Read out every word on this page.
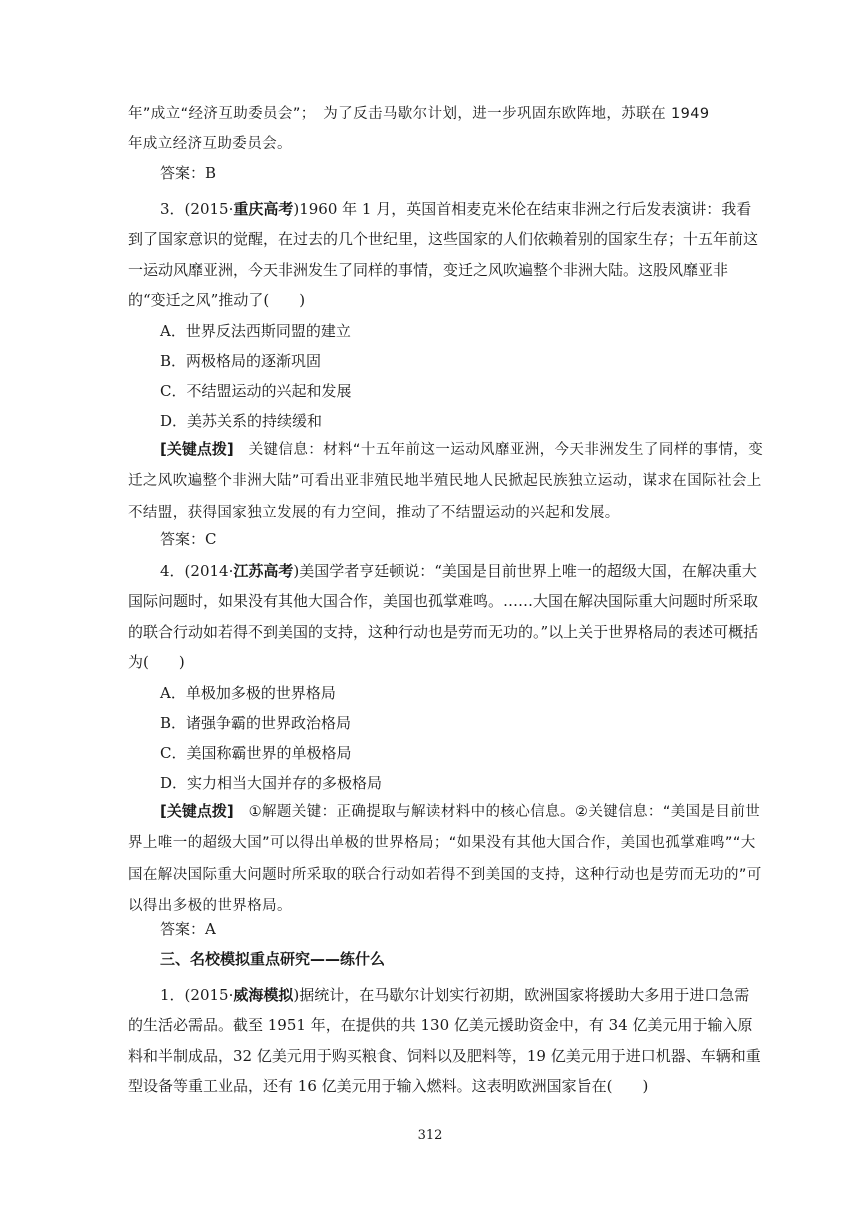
年”成立“经济互助委员会”；　为了反击马歇尔计划，进一步巩固东欧阵地，苏联在 1949

年成立经济互助委员会。

答案：B

3．(2015·重庆高考)1960 年 1 月，英国首相麦克米伦在结束非洲之行后发表演讲：我看到了国家意识的觉醒，在过去的几个世纪里，这些国家的人们依赖着别的国家生存；十五年前这一运动风靡亚洲，今天非洲发生了同样的事情，变迁之风吹遍整个非洲大陆。这股风靡亚非的“变迁之风”推动了(　　)

A．世界反法西斯同盟的建立

B．两极格局的逐渐巩固

C．不结盟运动的兴起和发展

D．美苏关系的持续缓和

[关键点拨]　关键信息：材料“十五年前这一运动风靡亚洲，今天非洲发生了同样的事情，变迁之风吹遍整个非洲大陆”可看出亚非殖民地半殖民地人民掀起民族独立运动，谋求在国际社会上不结盟，获得国家独立发展的有力空间，推动了不结盟运动的兴起和发展。

答案：C

4．(2014·江苏高考)美国学者亨廷顿说：“美国是目前世界上唯一的超级大国，在解决重大国际问题时，如果没有其他大国合作，美国也孤掌难鸣。……大国在解决国际重大问题时所采取的联合行动如若得不到美国的支持，这种行动也是劳而无功的。”以上关于世界格局的表述可概括为(　　)

A．单极加多极的世界格局

B．诸强争霸的世界政治格局

C．美国称霸世界的单极格局

D．实力相当大国并存的多极格局

[关键点拨]　①解题关键：正确提取与解读材料中的核心信息。②关键信息：“美国是目前世界上唯一的超级大国”可以得出单极的世界格局；“如果没有其他大国合作，美国也孤掌难鸣”“大国在解决国际重大问题时所采取的联合行动如若得不到美国的支持，这种行动也是劳而无功的”可以得出多极的世界格局。

答案：A

三、名校模拟重点研究——练什么

1．(2015·威海模拟)据统计，在马歇尔计划实行初期，欧洲国家将援助大多用于进口急需的生活必需品。截至 1951 年，在提供的共 130 亿美元援助资金中，有 34 亿美元用于输入原料和半制成品，32 亿美元用于购买粮食、饲料以及肥料等，19 亿美元用于进口机器、车辆和重型设备等重工业品，还有 16 亿美元用于输入燃料。这表明欧洲国家旨在(　　)

312
